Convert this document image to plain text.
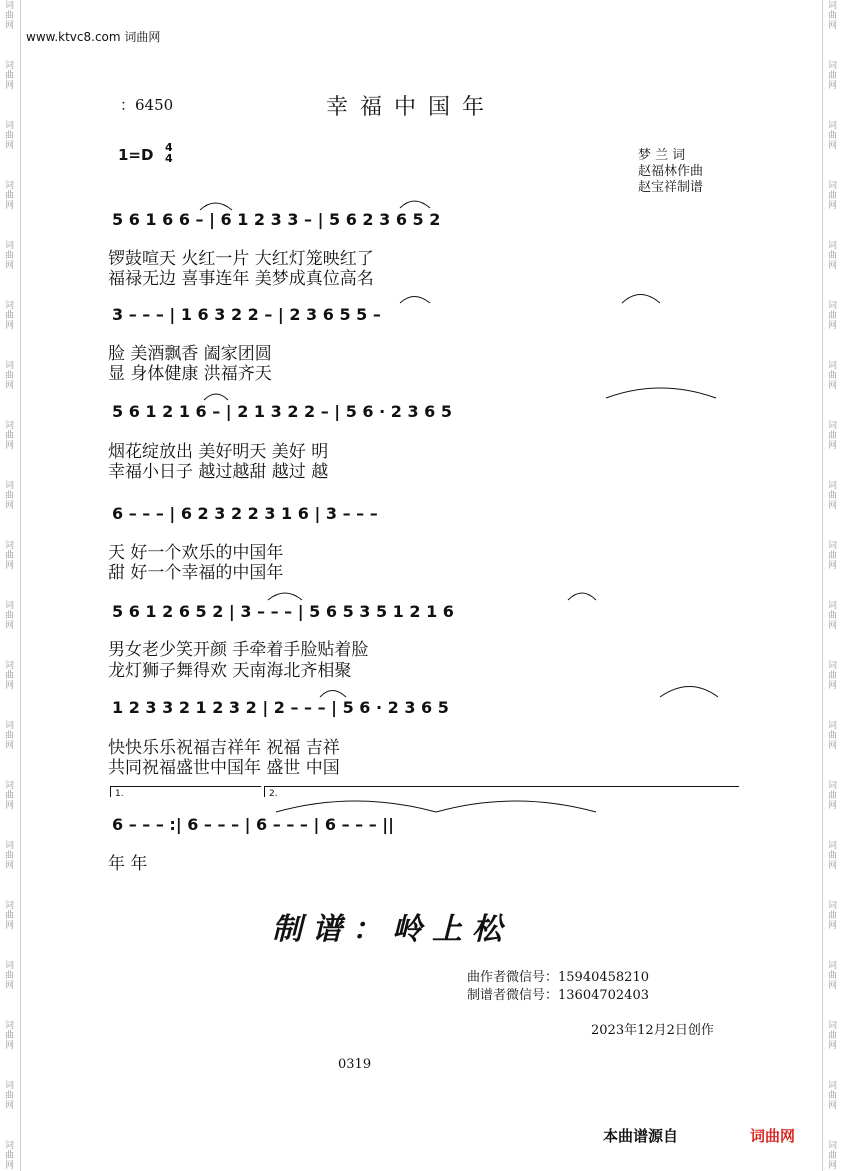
词曲网
词曲网
词曲网
词曲网
词曲网
词曲网
词曲网
词曲网
词曲网
词曲网
词曲网
词曲网
词曲网
词曲网
词曲网
词曲网
词曲网
词曲网
词曲网
词曲网
词曲网
词曲网
词曲网
词曲网
词曲网
词曲网
词曲网
词曲网
词曲网
词曲网
词曲网
词曲网
词曲网
词曲网
词曲网
词曲网
词曲网
词曲网
词曲网
词曲网
www.ktvc8.com 词曲网
：6450	幸福中国年
1=D 4
4	梦 兰 词
赵福林作曲
赵宝祥制谱
5 6 1 6 6 – | 6 1 2 3 3 – | 5 6 2 3 6 5 2
锣鼓喧天 火红一片 大红灯笼映红了
福禄无边 喜事连年 美梦成真位高名
3 – – – | 1 6 3 2 2 – | 2 3 6 5 5 –
脸 美酒飘香 阖家团圆
显 身体健康 洪福齐天
5 6 1 2 1 6 – | 2 1 3 2 2 – | 5 6 · 2 3 6 5
烟花绽放出 美好明天 美好 明
幸福小日子 越过越甜 越过 越
6 – – – | 6 2 3 2 2 3 1 6 | 3 – – –
天 好一个欢乐的中国年
甜 好一个幸福的中国年
5 6 1 2 6 5 2 | 3 – – – | 5 6 5 3 5 1 2 1 6
男女老少笑开颜 手牵着手脸贴着脸
龙灯狮子舞得欢 天南海北齐相聚
1 2 3 3 2 1 2 3 2 | 2 – – – | 5 6 · 2 3 6 5
快快乐乐祝福吉祥年 祝福 吉祥
共同祝福盛世中国年 盛世 中国
1.	2.
6 – – – :| 6 – – – | 6 – – – | 6 – – – ||
年 年
制谱：岭上松
曲作者微信号：15940458210
制谱者微信号：13604702403
2023年12月2日创作
0319
本曲谱源自	词曲网
